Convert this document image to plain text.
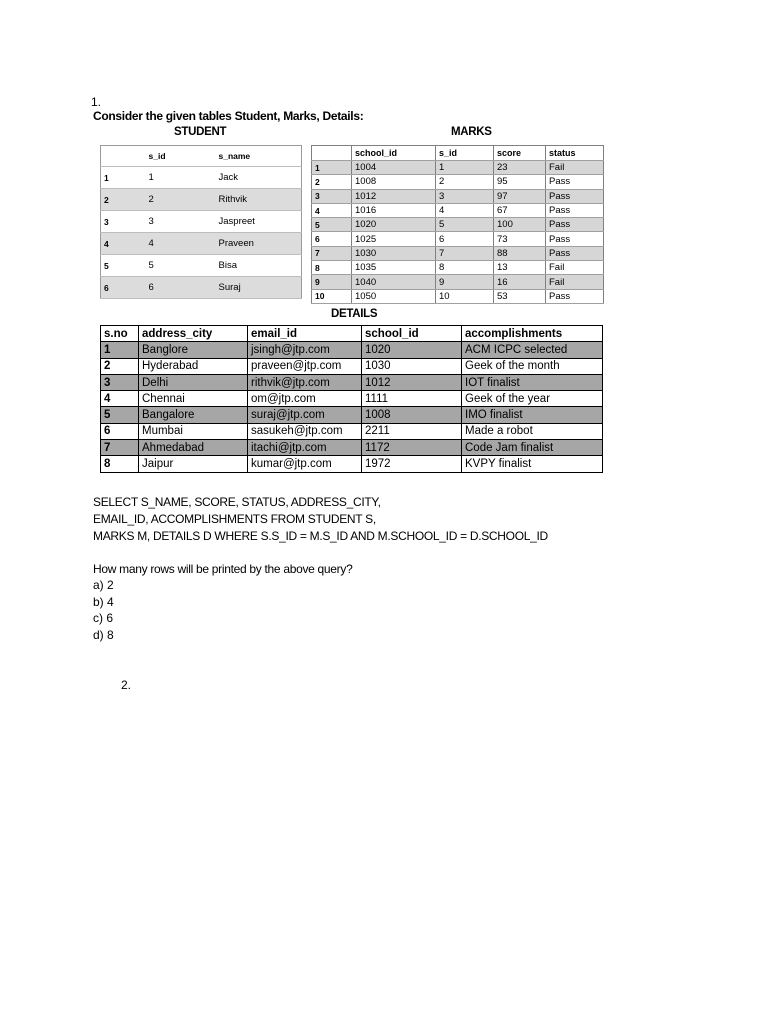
1.
Consider the given tables Student, Marks, Details:
STUDENT	MARKS
	s_id	s_name
1	1	Jack
2	2	Rithvik
3	3	Jaspreet
4	4	Praveen
5	5	Bisa
6	6	Suraj
	school_id	s_id	score	status
1	1004	1	23	Fail
2	1008	2	95	Pass
3	1012	3	97	Pass
4	1016	4	67	Pass
5	1020	5	100	Pass
6	1025	6	73	Pass
7	1030	7	88	Pass
8	1035	8	13	Fail
9	1040	9	16	Fail
10	1050	10	53	Pass
DETAILS
s.no	address_city	email_id	school_id	accomplishments
1	Banglore	jsingh@jtp.com	1020	ACM ICPC selected
2	Hyderabad	praveen@jtp.com	1030	Geek of the month
3	Delhi	rithvik@jtp.com	1012	IOT finalist
4	Chennai	om@jtp.com	1111	Geek of the year
5	Bangalore	suraj@jtp.com	1008	IMO finalist
6	Mumbai	sasukeh@jtp.com	2211	Made a robot
7	Ahmedabad	itachi@jtp.com	1172	Code Jam finalist
8	Jaipur	kumar@jtp.com	1972	KVPY finalist
SELECT S_NAME, SCORE, STATUS, ADDRESS_CITY,
EMAIL_ID, ACCOMPLISHMENTS FROM STUDENT S,
MARKS M, DETAILS D WHERE S.S_ID = M.S_ID AND M.SCHOOL_ID = D.SCHOOL_ID
How many rows will be printed by the above query?
a) 2
b) 4
c) 6
d) 8
2.
